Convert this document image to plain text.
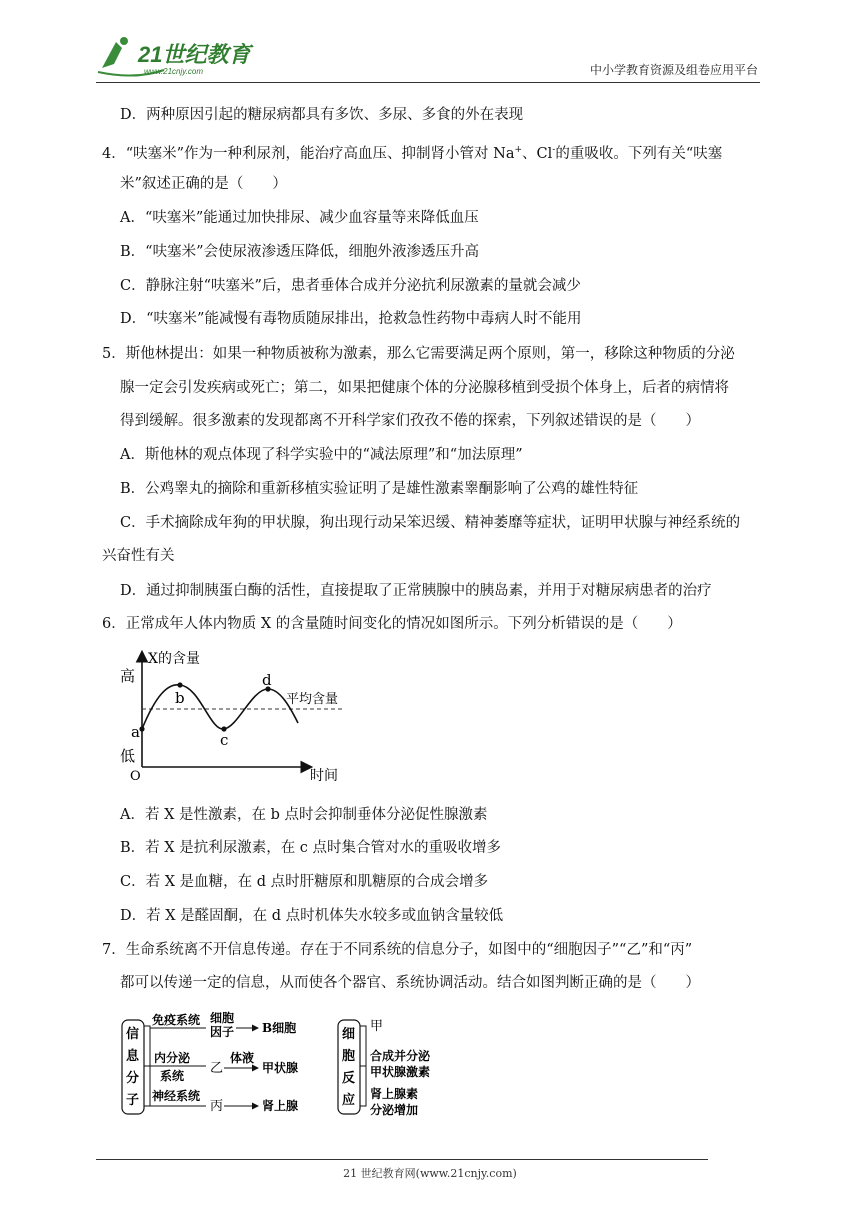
21世纪教育
www.21cnjy.com	中小学教育资源及组卷应用平台
D．两种原因引起的糖尿病都具有多饮、多尿、多食的外在表现
4．“呋塞米”作为一种利尿剂，能治疗高血压、抑制肾小管对 Na+、Cl-的重吸收。下列有关“呋塞
米”叙述正确的是（　　）
A．“呋塞米”能通过加快排尿、减少血容量等来降低血压
B．“呋塞米”会使尿液渗透压降低，细胞外液渗透压升高
C．静脉注射“呋塞米”后，患者垂体合成并分泌抗利尿激素的量就会减少
D．“呋塞米”能减慢有毒物质随尿排出，抢救急性药物中毒病人时不能用
5．斯他林提出：如果一种物质被称为激素，那么它需要满足两个原则，第一，移除这种物质的分泌
腺一定会引发疾病或死亡；第二，如果把健康个体的分泌腺移植到受损个体身上，后者的病情将
得到缓解。很多激素的发现都离不开科学家们孜孜不倦的探索，下列叙述错误的是（　　）
A．斯他林的观点体现了科学实验中的“减法原理”和“加法原理”
B．公鸡睾丸的摘除和重新移植实验证明了是雄性激素睾酮影响了公鸡的雄性特征
C．手术摘除成年狗的甲状腺，狗出现行动呆笨迟缓、精神萎靡等症状，证明甲状腺与神经系统的
兴奋性有关
D．通过抑制胰蛋白酶的活性，直接提取了正常胰腺中的胰岛素，并用于对糖尿病患者的治疗
6．正常成年人体内物质 X 的含量随时间变化的情况如图所示。下列分析错误的是（　　）
X的含量
高
低
O	时间
平均含量
a
b
c
d
A．若 X 是性激素，在 b 点时会抑制垂体分泌促性腺激素
B．若 X 是抗利尿激素，在 c 点时集合管对水的重吸收增多
C．若 X 是血糖，在 d 点时肝糖原和肌糖原的合成会增多
D．若 X 是醛固酮，在 d 点时机体失水较多或血钠含量较低
7．生命系统离不开信息传递。存在于不同系统的信息分子，如图中的“细胞因子”“乙”和“丙”
都可以传递一定的信息，从而使各个器官、系统协调活动。结合如图判断正确的是（　　）
信
息
分
子
免疫系统 细胞
因子 B细胞
内分泌
系统 乙
体液
甲状腺
神经系统
丙	肾上腺
细
胞
反
应
甲
合成并分泌
甲状腺激素
肾上腺素
分泌增加
21 世纪教育网(www.21cnjy.com)
